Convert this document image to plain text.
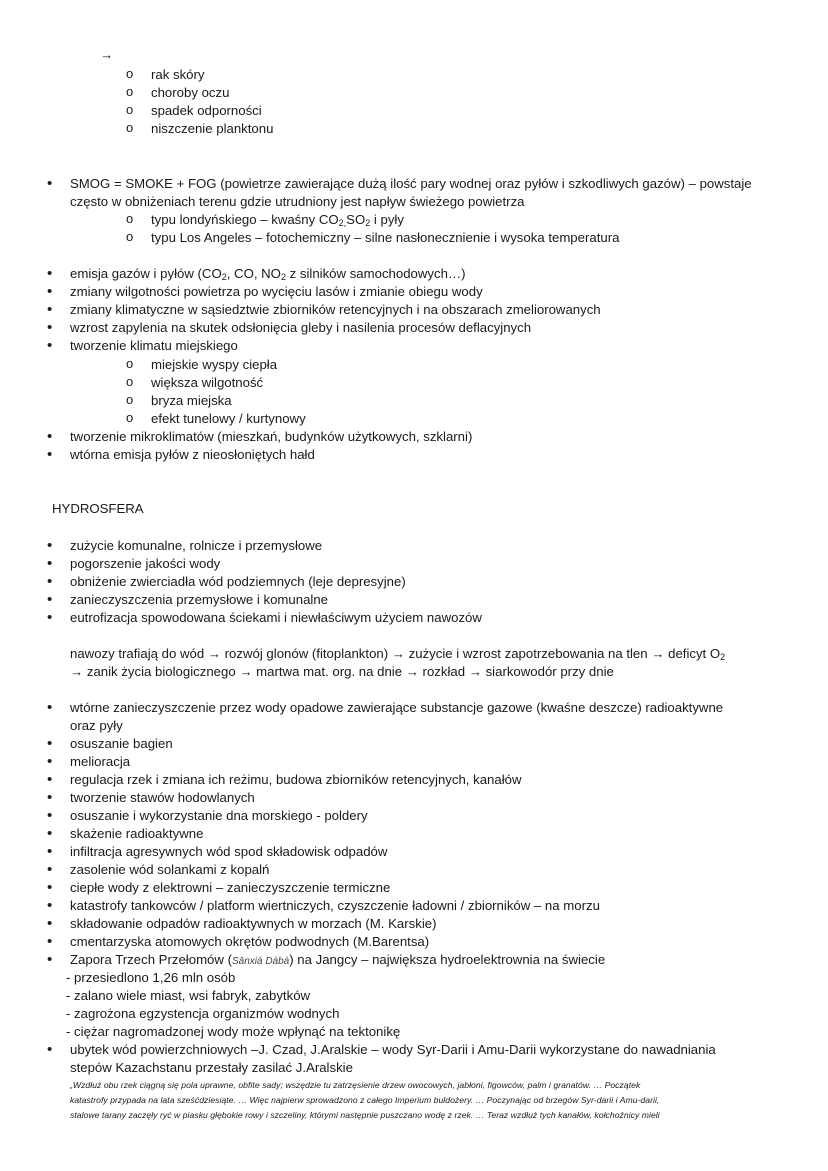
→
o rak skóry
o choroby oczu
o spadek odporności
o niszczenie planktonu
• SMOG = SMOKE + FOG (powietrze zawierające dużą ilość pary wodnej oraz pyłów i szkodliwych gazów) – powstaje
często w obniżeniach terenu gdzie utrudniony jest napływ świeżego powietrza
o typu londyńskiego – kwaśny $CO_{2,}SO_2$ i pyły
o typu Los Angeles – fotochemiczny – silne nasłonecznienie i wysoka temperatura
• emisja gazów i pyłów ($CO_2$, CO, $NO_2$ z silników samochodowych…)
• zmiany wilgotności powietrza po wycięciu lasów i zmianie obiegu wody
• zmiany klimatyczne w sąsiedztwie zbiorników retencyjnych i na obszarach zmeliorowanych
• wzrost zapylenia na skutek odsłonięcia gleby i nasilenia procesów deflacyjnych
• tworzenie klimatu miejskiego
o miejskie wyspy ciepła
o większa wilgotność
o bryza miejska
o efekt tunelowy / kurtynowy
• tworzenie mikroklimatów (mieszkań, budynków użytkowych, szklarni)
• wtórna emisja pyłów z nieosłoniętych hałd
HYDROSFERA
• zużycie komunalne, rolnicze i przemysłowe
• pogorszenie jakości wody
• obniżenie zwierciadła wód podziemnych (leje depresyjne)
• zanieczyszczenia przemysłowe i komunalne
• eutrofizacja spowodowana ściekami i niewłaściwym użyciem nawozów
nawozy trafiają do wód → rozwój glonów (fitoplankton) → zużycie i wzrost zapotrzebowania na tlen → deficyt $O_2$
→ zanik życia biologicznego → martwa mat. org. na dnie → rozkład → siarkowodór przy dnie
• wtórne zanieczyszczenie przez wody opadowe zawierające substancje gazowe (kwaśne deszcze) radioaktywne
oraz pyły
• osuszanie bagien
• melioracja
• regulacja rzek i zmiana ich reżimu, budowa zbiorników retencyjnych, kanałów
• tworzenie stawów hodowlanych
• osuszanie i wykorzystanie dna morskiego - poldery
• skażenie radioaktywne
• infiltracja agresywnych wód spod składowisk odpadów
• zasolenie wód solankami z kopalń
• ciepłe wody z elektrowni – zanieczyszczenie termiczne
• katastrofy tankowców / platform wiertniczych, czyszczenie ładowni / zbiorników – na morzu
• składowanie odpadów radioaktywnych w morzach (M. Karskie)
• cmentarzyska atomowych okrętów podwodnych (M.Barentsa)
• Zapora Trzech Przełomów (Sānxiá Dàbà) na Jangcy – największa hydroelektrownia na świecie
- przesiedlono 1,26 mln osób
- zalano wiele miast, wsi fabryk, zabytków
- zagrożona egzystencja organizmów wodnych
- ciężar nagromadzonej wody może wpłynąć na tektonikę
• ubytek wód powierzchniowych –J. Czad, J.Aralskie – wody Syr-Darii i Amu-Darii wykorzystane do nawadniania
stepów Kazachstanu przestały zasilać J.Aralskie
„Wzdłuż obu rzek ciągną się pola uprawne, obfite sady; wszędzie tu zatrzęsienie drzew owocowych, jabłoni, figowców, palm i granatów. … Początek
katastrofy przypada na lata sześćdziesiąte. … Więc najpierw sprowadzono z całego Imperium buldożery. … Poczynając od brzegów Syr-darii i Amu-darii,
stalowe tarany zaczęły ryć w piasku głębokie rowy i szczeliny, którymi następnie puszczano wodę z rzek. … Teraz wzdłuż tych kanałów, kołchoźnicy mieli
